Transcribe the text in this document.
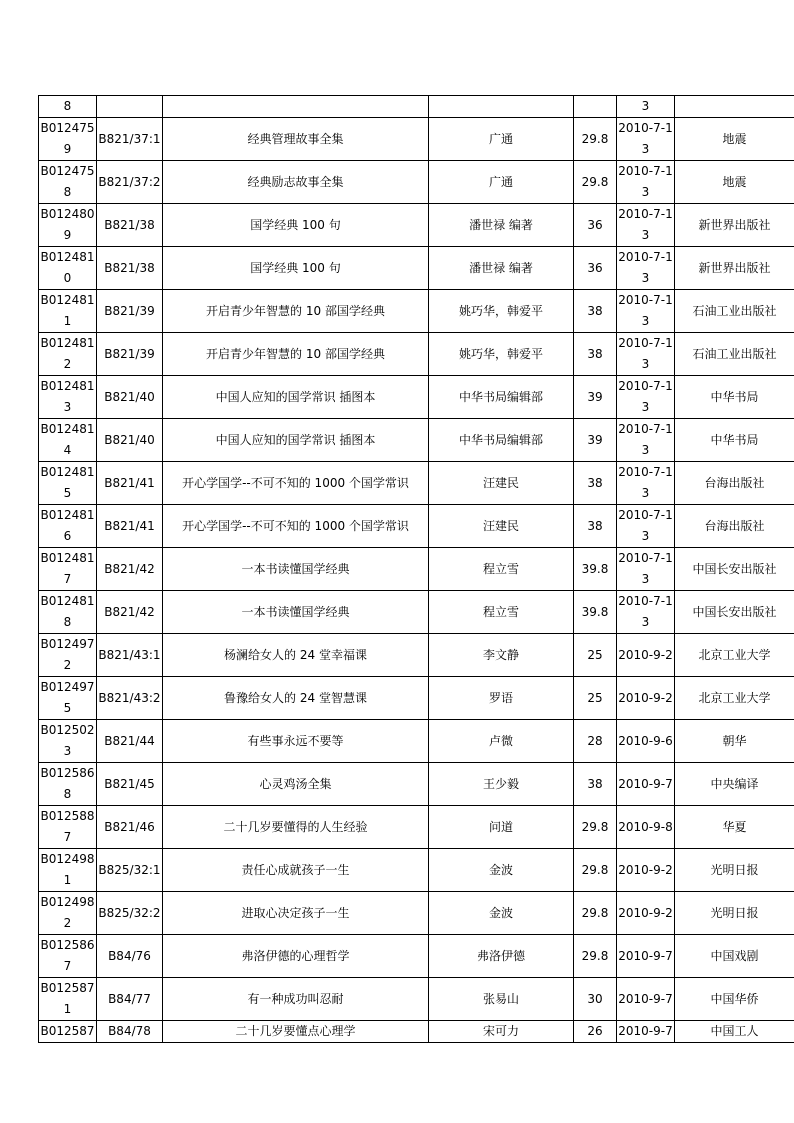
8					3	
B0124759	B821/37:1	经典管理故事全集	广通	29.8	2010-7-13	地震
B0124758	B821/37:2	经典励志故事全集	广通	29.8	2010-7-13	地震
B0124809	B821/38	国学经典 100 句	潘世禄 编著	36	2010-7-13	新世界出版社
B0124810	B821/38	国学经典 100 句	潘世禄 编著	36	2010-7-13	新世界出版社
B0124811	B821/39	开启青少年智慧的 10 部国学经典	姚巧华，韩爱平	38	2010-7-13	石油工业出版社
B0124812	B821/39	开启青少年智慧的 10 部国学经典	姚巧华，韩爱平	38	2010-7-13	石油工业出版社
B0124813	B821/40	中国人应知的国学常识 插图本	中华书局编辑部	39	2010-7-13	中华书局
B0124814	B821/40	中国人应知的国学常识 插图本	中华书局编辑部	39	2010-7-13	中华书局
B0124815	B821/41	开心学国学--不可不知的 1000 个国学常识	汪建民	38	2010-7-13	台海出版社
B0124816	B821/41	开心学国学--不可不知的 1000 个国学常识	汪建民	38	2010-7-13	台海出版社
B0124817	B821/42	一本书读懂国学经典	程立雪	39.8	2010-7-13	中国长安出版社
B0124818	B821/42	一本书读懂国学经典	程立雪	39.8	2010-7-13	中国长安出版社
B0124972	B821/43:1	杨澜给女人的 24 堂幸福课	李文静	25	2010-9-2	北京工业大学
B0124975	B821/43:2	鲁豫给女人的 24 堂智慧课	罗语	25	2010-9-2	北京工业大学
B0125023	B821/44	有些事永远不要等	卢微	28	2010-9-6	朝华
B0125868	B821/45	心灵鸡汤全集	王少毅	38	2010-9-7	中央编译
B0125887	B821/46	二十几岁要懂得的人生经验	问道	29.8	2010-9-8	华夏
B0124981	B825/32:1	责任心成就孩子一生	金波	29.8	2010-9-2	光明日报
B0124982	B825/32:2	进取心决定孩子一生	金波	29.8	2010-9-2	光明日报
B0125867	B84/76	弗洛伊德的心理哲学	弗洛伊德	29.8	2010-9-7	中国戏剧
B0125871	B84/77	有一种成功叫忍耐	张易山	30	2010-9-7	中国华侨
B012587	B84/78	二十几岁要懂点心理学	宋可力	26	2010-9-7	中国工人
